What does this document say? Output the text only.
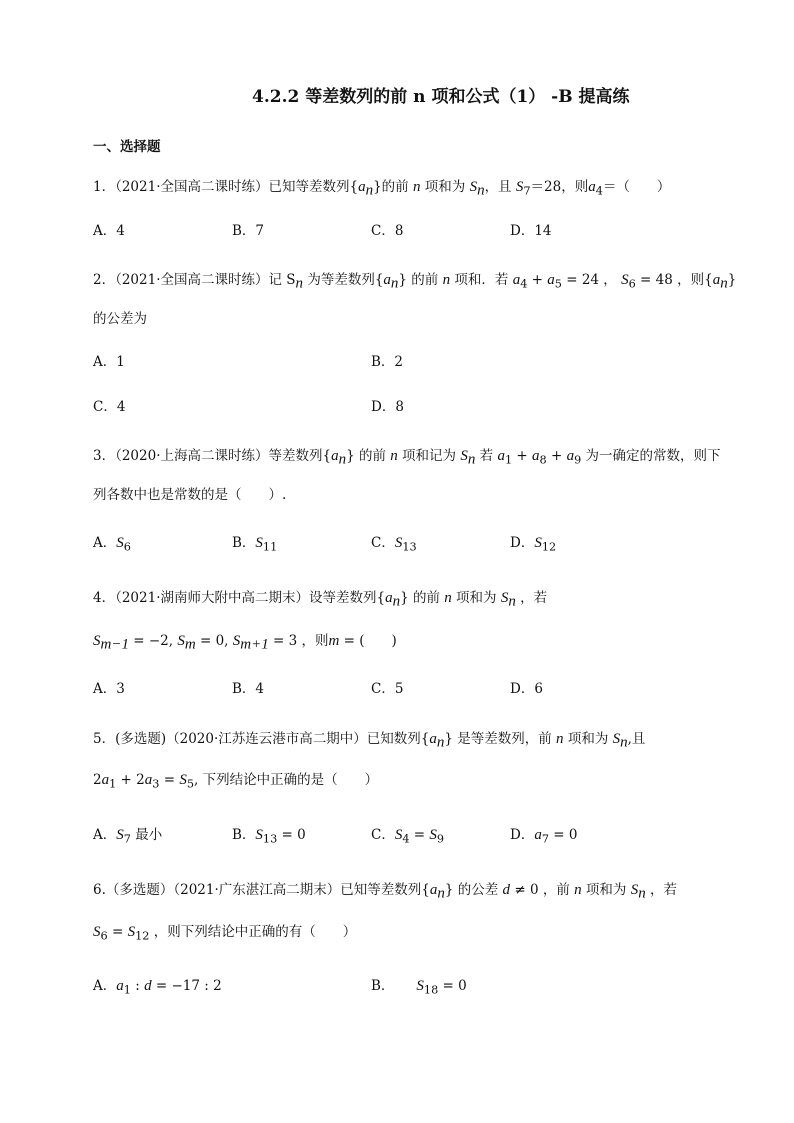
4.2.2 等差数列的前 n 项和公式（1） -B 提高练
一、选择题
1．（2021·全国高二课时练）已知等差数列$\{a_n\}$的前 n 项和为 $S_n$，且 $S_7=28$，则$a_4=$（　　）
A．4	B．7	C．8	D．14
2．（2021·全国高二课时练）记 $S_n$ 为等差数列$\{a_n\}$ 的前 n 项和．若 $a_4 + a_5 = 24$ ， $S_6 = 48$ ，则$\{a_n\}$
的公差为
A．1	B．2
C．4	D．8
3．（2020·上海高二课时练）等差数列$\{a_n\}$ 的前 n 项和记为 $S_n$ 若 $a_1 + a_8 + a_9$ 为一确定的常数，则下
列各数中也是常数的是（　　）.
A．$S_6$	B．$S_{11}$	C．$S_{13}$	D．$S_{12}$
4．（2021·湖南师大附中高二期末）设等差数列$\{a_n\}$ 的前 n 项和为 $S_n$ ，若
$S_{m-1} = -2$, $S_m = 0$, $S_{m+1} = 3$ ，则m = (　　)
A．3	B．4	C．5	D．6
5．(多选题)（2020·江苏连云港市高二期中）已知数列$\{a_n\}$ 是等差数列，前 n 项和为 $S_n$,且
$2a_1 + 2a_3 = S_5$, 下列结论中正确的是（　　）
A．$S_7$ 最小	B．$S_{13} = 0$	C．$S_4 = S_9$	D．$a_7 = 0$
6.（多选题）（2021·广东湛江高二期末）已知等差数列$\{a_n\}$ 的公差 d ≠ 0 ，前 n 项和为 $S_n$ ，若
$S_6 = S_{12}$ ，则下列结论中正确的有（　　）
A．$a_1$ : d = −17 : 2	B． $S_{18} = 0$
